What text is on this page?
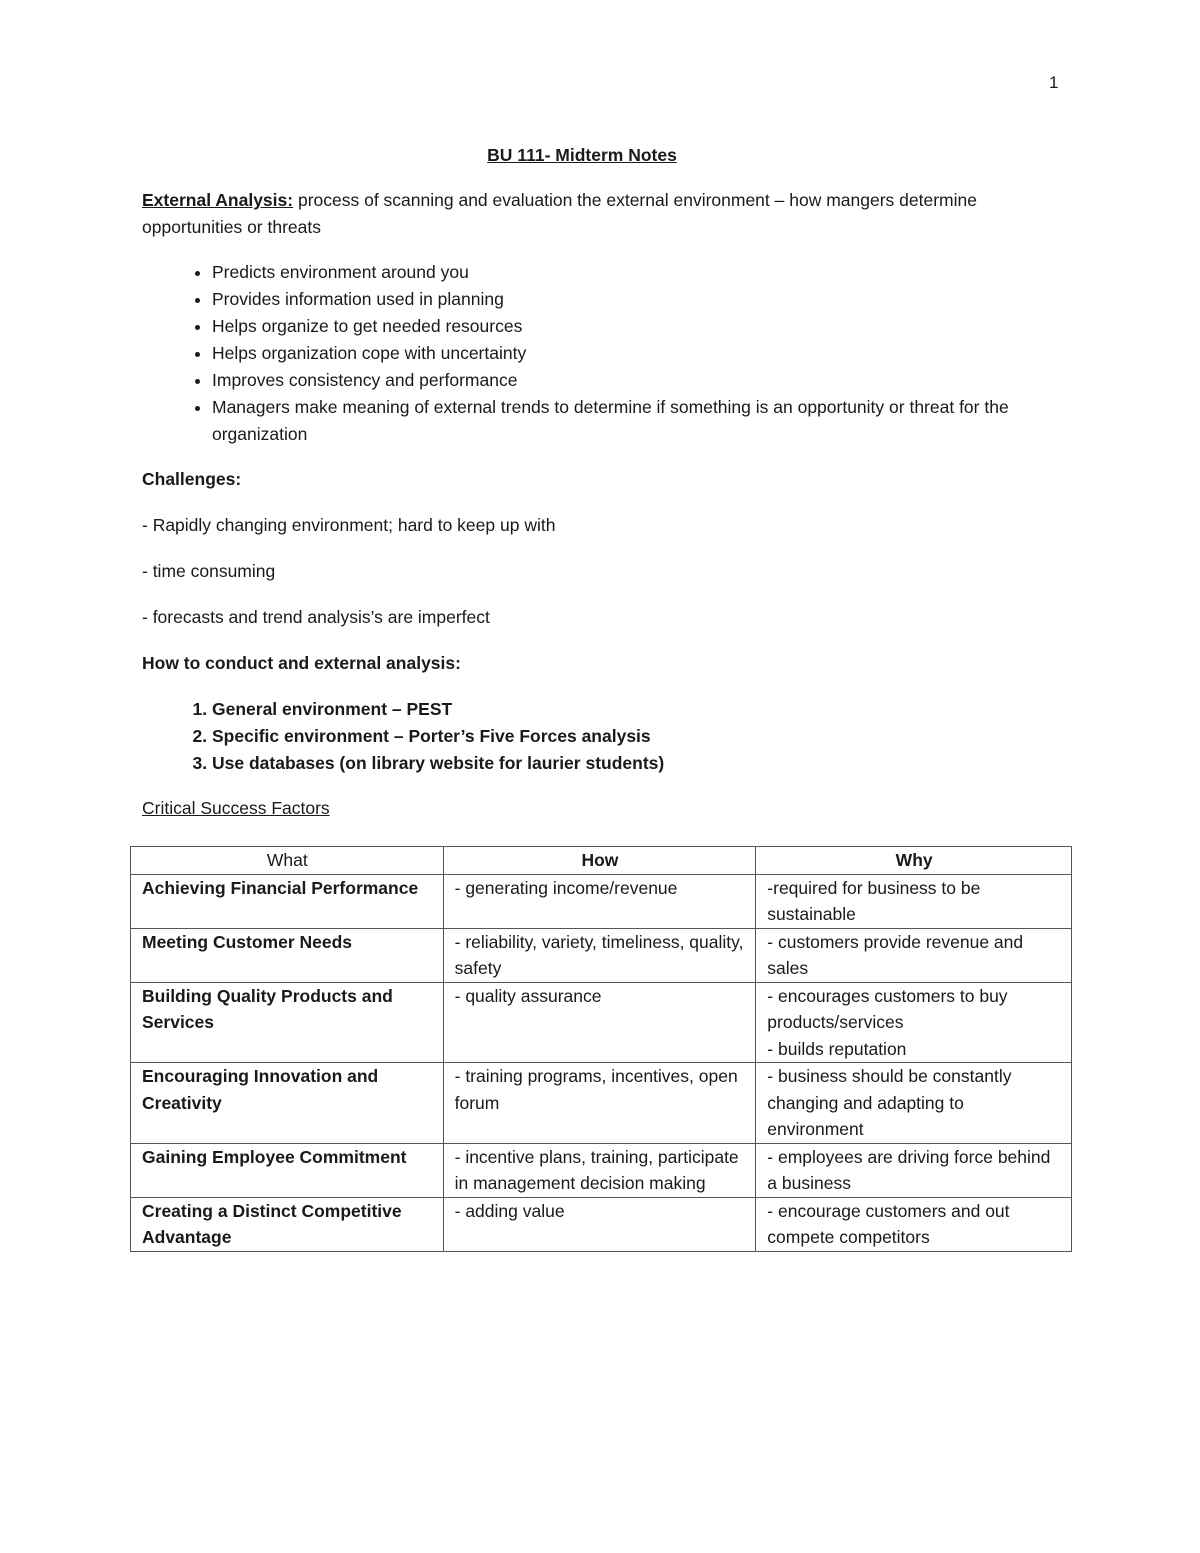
1

BU 111- Midterm Notes

External Analysis: process of scanning and evaluation the external environment – how mangers determine opportunities or threats

• Predicts environment around you
• Provides information used in planning
• Helps organize to get needed resources
• Helps organization cope with uncertainty
• Improves consistency and performance
• Managers make meaning of external trends to determine if something is an opportunity or threat for the organization

Challenges:

- Rapidly changing environment; hard to keep up with

- time consuming

- forecasts and trend analysis’s are imperfect

How to conduct and external analysis:

1. General environment – PEST
2. Specific environment – Porter’s Five Forces analysis
3. Use databases (on library website for laurier students)

Critical Success Factors

What	How	Why
Achieving Financial Performance	- generating income/revenue	-required for business to be sustainable

Meeting Customer Needs	- reliability, variety, timeliness, quality, safety	- customers provide revenue and sales

Building Quality Products and Services	- quality assurance	- encourages customers to buy products/services
- builds reputation

Encouraging Innovation and Creativity	- training programs, incentives, open forum	- business should be constantly changing and adapting to environment

Gaining Employee Commitment	- incentive plans, training, participate in management decision making	- employees are driving force behind a business

Creating a Distinct Competitive Advantage	- adding value	- encourage customers and out compete competitors
